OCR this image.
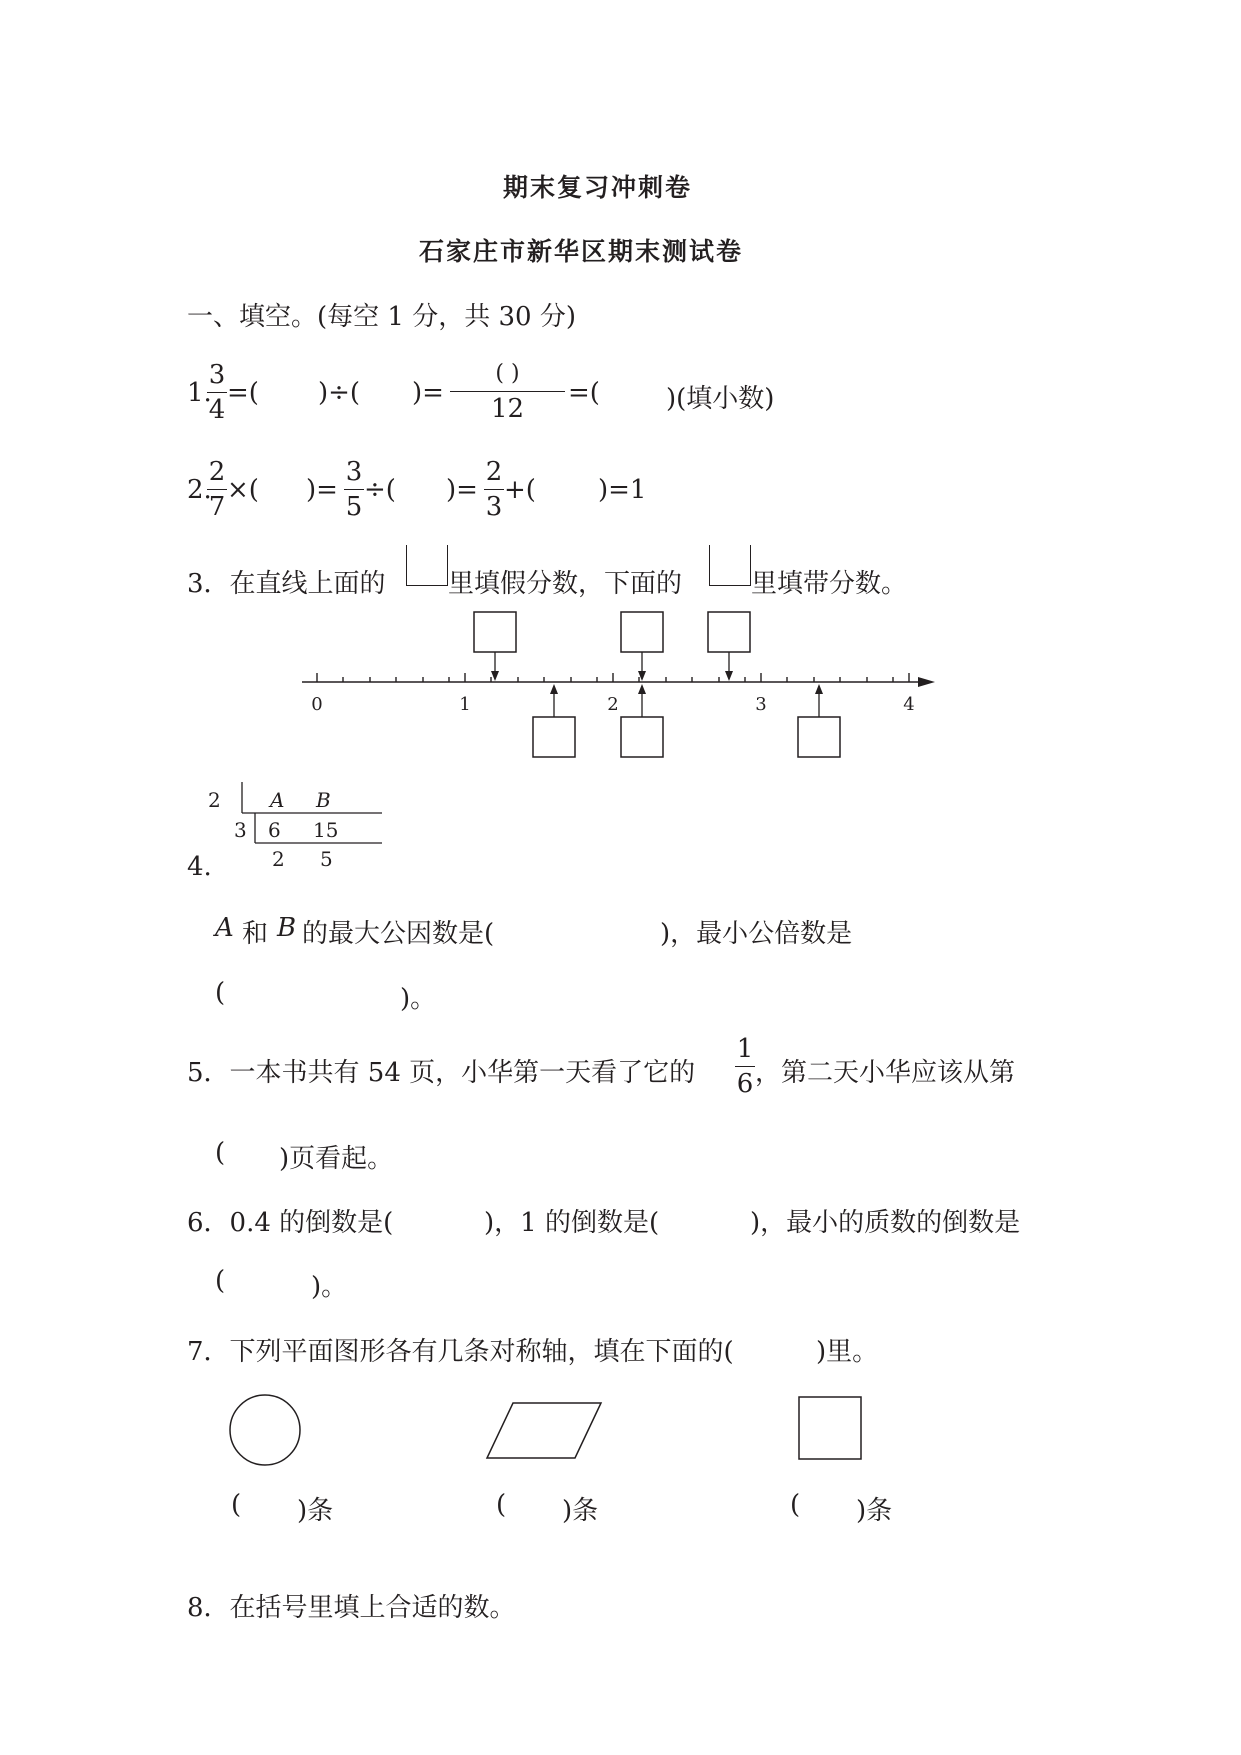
期末复习冲刺卷
石家庄市新华区期末测试卷
一、填空。(每空 1 分，共 30 分)
1.
3
4
=( )÷( )=
( )
12
=(	)(填小数)
2.
2
7
×( )=
3
5
÷( )=
2
3
+( )=1
3．在直线上面的 里填假分数，下面的	里填带分数。
0	1	2	3	4
2 A B
3 6 15
2 5
4.
A 和 B 的最大公因数是(	)，最小公倍数是
(	)。
5．一本书共有 54 页，小华第一天看了它的
1
6 ，第二天小华应该从第
( )页看起。
6．0.4 的倒数是(	)，1 的倒数是(	)，最小的质数的倒数是
(	)。
7．下列平面图形各有几条对称轴，填在下面的(	)里。
( )条	( )条	( )条
8．在括号里填上合适的数。
